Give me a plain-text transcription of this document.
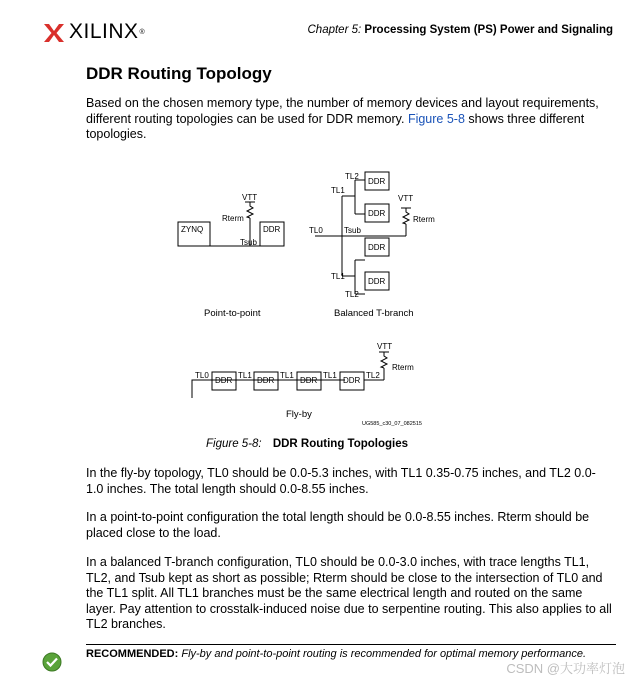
XILINX ®	Chapter 5: Processing System (PS) Power and Signaling
DDR Routing Topology

Based on the chosen memory type, the number of memory devices and layout requirements, different routing topologies can be used for DDR memory. Figure 5-8 shows three different topologies.

ZYNQ	DDR
VTT
Rterm
Tsub
Point-to-point
TL2
TL1
DDR
DDR
DDR
DDR
TL0	Tsub
VTT
Rterm
TL1
TL2
Balanced T-branch
TL0
DDR
TL1
DDR
TL1
DDR
TL1
DDR
TL2
VTT
Rterm
Fly-by
UG585_c30_07_082515
Figure 5-8: DDR Routing Topologies

In the fly-by topology, TL0 should be 0.0-5.3 inches, with TL1 0.35-0.75 inches, and TL2 0.0-1.0 inches. The total length should 0.0-8.55 inches.

In a point-to-point configuration the total length should be 0.0-8.55 inches. Rterm should be placed close to the load.

In a balanced T-branch configuration, TL0 should be 0.0-3.0 inches, with trace lengths TL1, TL2, and Tsub kept as short as possible; Rterm should be close to the intersection of TL0 and the TL1 split. All TL1 branches must be the same electrical length and routed on the same layer. Pay attention to crosstalk-induced noise due to serpentine routing. This also applies to all TL2 branches.

RECOMMENDED: Fly-by and point-to-point routing is recommended for optimal memory performance.
CSDN @大功率灯泡
